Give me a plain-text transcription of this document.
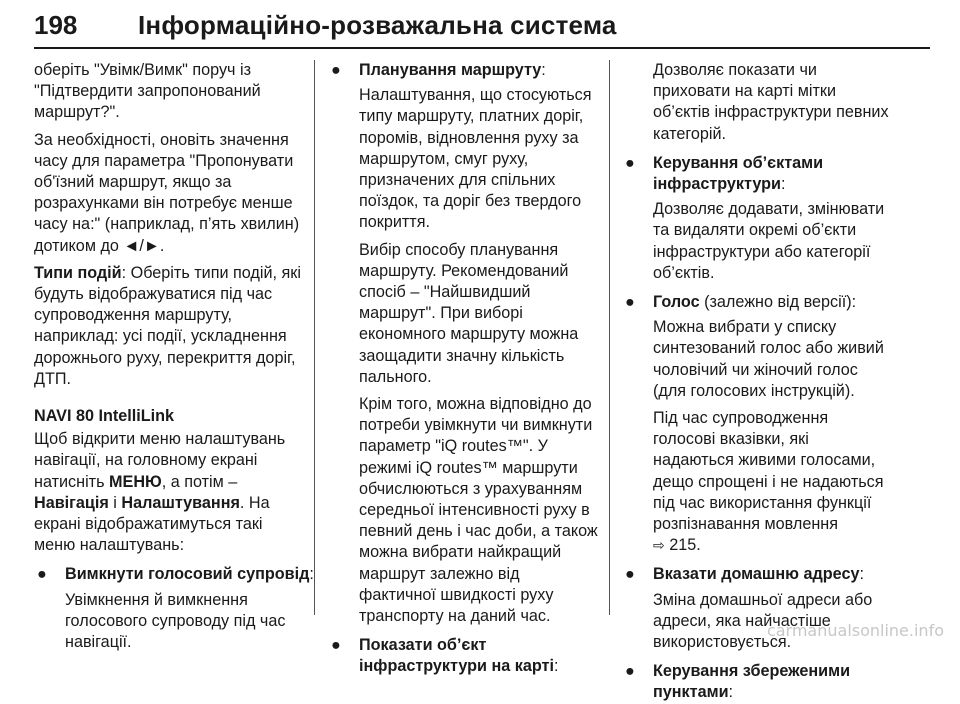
198 Інформаційно-розважальна система

оберіть "Увімк/Вимк" поруч із
"Підтвердити запропонований
маршрут?".

За необхідності, оновіть значення
часу для параметра "Пропонувати
об'їзний маршрут, якщо за
розрахунками він потребує менше
часу на:" (наприклад, п’ять хвилин)
дотиком до ◄/►.

Типи подій: Оберіть типи подій, які
будуть відображуватися під час
супроводження маршруту,
наприклад: усі події, ускладнення
дорожнього руху, перекриття доріг,
ДТП.

NAVI 80 IntelliLink

Щоб відкрити меню налаштувань
навігації, на головному екрані
натисніть МЕНЮ, а потім –
Навігація і Налаштування. На
екрані відображатимуться такі
меню налаштувань:

● Вимкнути голосовий супровід:
Увімкнення й вимкнення
голосового супроводу під час
навігації.
● Планування маршруту:

Налаштування, що стосуються
типу маршруту, платних доріг,
поромів, відновлення руху за
маршрутом, смуг руху,
призначених для спільних
поїздок, та доріг без твердого
покриття.

Вибір способу планування
маршруту. Рекомендований
спосіб – "Найшвидший
маршрут". При виборі
економного маршруту можна
заощадити значну кількість
пального.

Крім того, можна відповідно до
потреби увімкнути чи вимкнути
параметр "iQ routes™". У
режимі iQ routes™ маршрути
обчислюються з урахуванням
середньої інтенсивності руху в
певний день і час доби, а також
можна вибрати найкращий
маршрут залежно від
фактичної швидкості руху
транспорту на даний час.

● Показати об’єкт
інфраструктури на карті:

Дозволяє показати чи
приховати на карті мітки
об’єктів інфраструктури певних
категорій.

● Керування об’єктами
інфраструктури:
Дозволяє додавати, змінювати
та видаляти окремі об’єкти
інфраструктури або категорії
об’єктів.
● Голос (залежно від версії):

Можна вибрати у списку
синтезований голос або живий
чоловічий чи жіночий голос
(для голосових інструкцій).

Під час супроводження
голосові вказівки, які
надаються живими голосами,
дещо спрощені і не надаються
під час використання функції
розпізнавання мовлення
⇨ 215.

● Вказати домашню адресу:
Зміна домашньої адреси або
адреси, яка найчастіше
використовується.
● Керування збереженими
пунктами:
carmanualsonline.info
